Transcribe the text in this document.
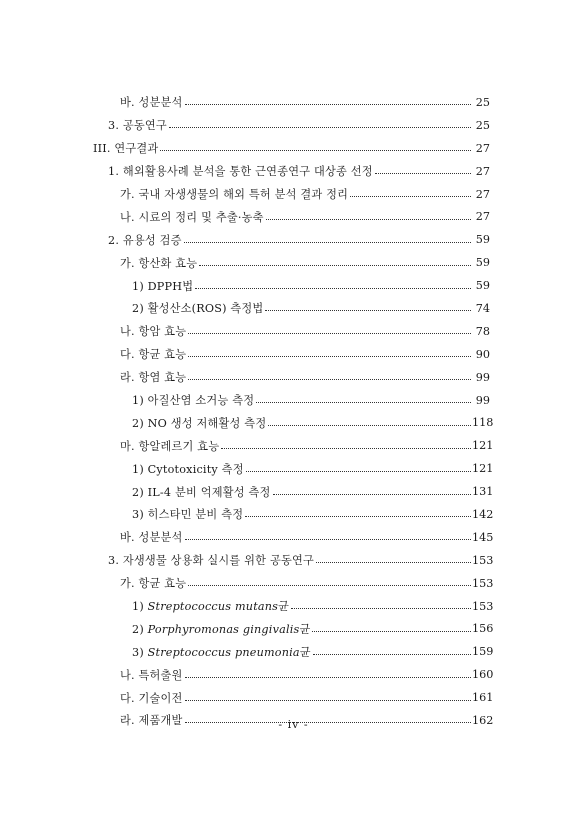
바. 성분분석	25
3. 공동연구	25
III. 연구결과	27
1. 해외활용사례 분석을 통한 근연종연구 대상종 선정	27
가. 국내 자생생물의 해외 특허 분석 결과 정리	27
나. 시료의 정리 및 추출·농축	27
2. 유용성 검증	59
가. 항산화 효능	59
1) DPPH법	59
2) 활성산소(ROS) 측정법	74
나. 항암 효능	78
다. 항균 효능	90
라. 항염 효능	99
1) 아질산염 소거능 측정	99
2) NO 생성 저해활성 측정	118
마. 항알레르기 효능	121
1) Cytotoxicity 측정	121
2) IL-4 분비 억제활성 측정	131
3) 히스타민 분비 측정	142
바. 성분분석	145
3. 자생생물 상용화 실시를 위한 공동연구	153
가. 항균 효능	153
1) Streptococcus mutans균	153
2) Porphyromonas gingivalis균	156
3) Streptococcus pneumonia균	159
나. 특허출원	160
다. 기술이전	161
라. 제품개발	162
- iv -
